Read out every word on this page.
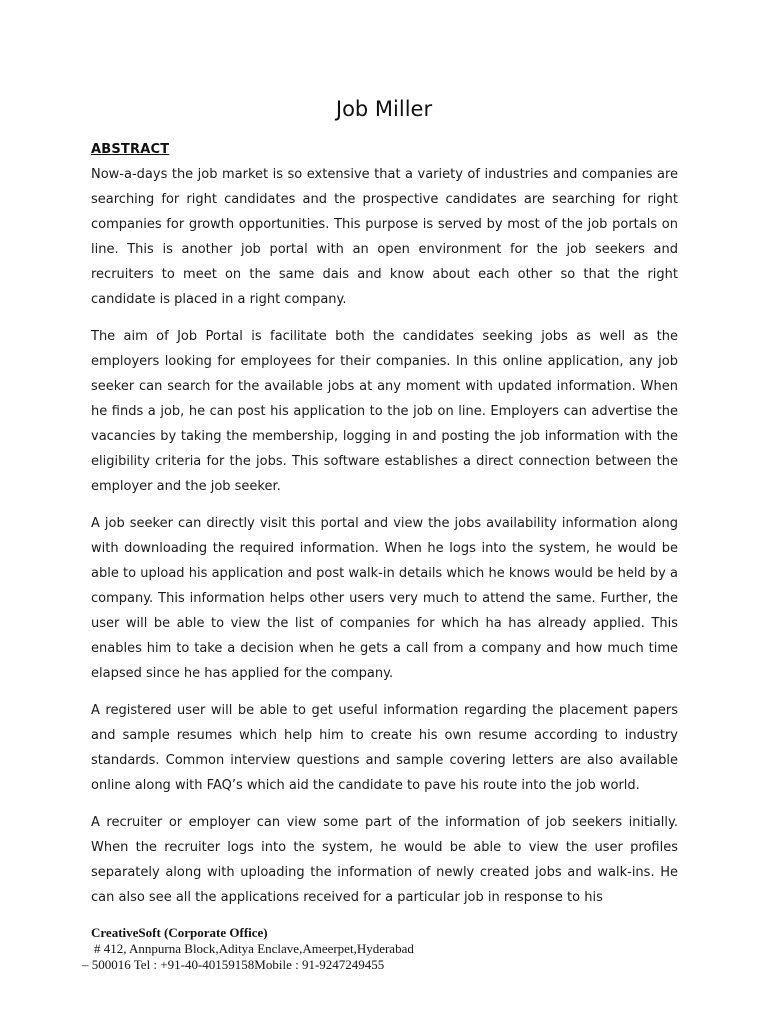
Job Miller
ABSTRACT

Now-a-days the job market is so extensive that a variety of industries and companies are searching for right candidates and the prospective candidates are searching for right companies for growth opportunities. This purpose is served by most of the job portals on line. This is another job portal with an open environment for the job seekers and recruiters to meet on the same dais and know about each other so that the right candidate is placed in a right company.

The aim of Job Portal is facilitate both the candidates seeking jobs as well as the employers looking for employees for their companies. In this online application, any job seeker can search for the available jobs at any moment with updated information. When he finds a job, he can post his application to the job on line. Employers can advertise the vacancies by taking the membership, logging in and posting the job information with the eligibility criteria for the jobs. This software establishes a direct connection between the employer and the job seeker.

A job seeker can directly visit this portal and view the jobs availability information along with downloading the required information. When he logs into the system, he would be able to upload his application and post walk-in details which he knows would be held by a company. This information helps other users very much to attend the same. Further, the user will be able to view the list of companies for which ha has already applied. This enables him to take a decision when he gets a call from a company and how much time elapsed since he has applied for the company.

A registered user will be able to get useful information regarding the placement papers and sample resumes which help him to create his own resume according to industry standards. Common interview questions and sample covering letters are also available online along with FAQ’s which aid the candidate to pave his route into the job world.

A recruiter or employer can view some part of the information of job seekers initially. When the recruiter logs into the system, he would be able to view the user profiles separately along with uploading the information of newly created jobs and walk-ins. He can also see all the applications received for a particular job in response to his

CreativeSoft (Corporate Office)

# 412, Annpurna Block,Aditya Enclave,Ameerpet,Hyderabad

– 500016 Tel : +91-40-40159158Mobile : 91-9247249455
